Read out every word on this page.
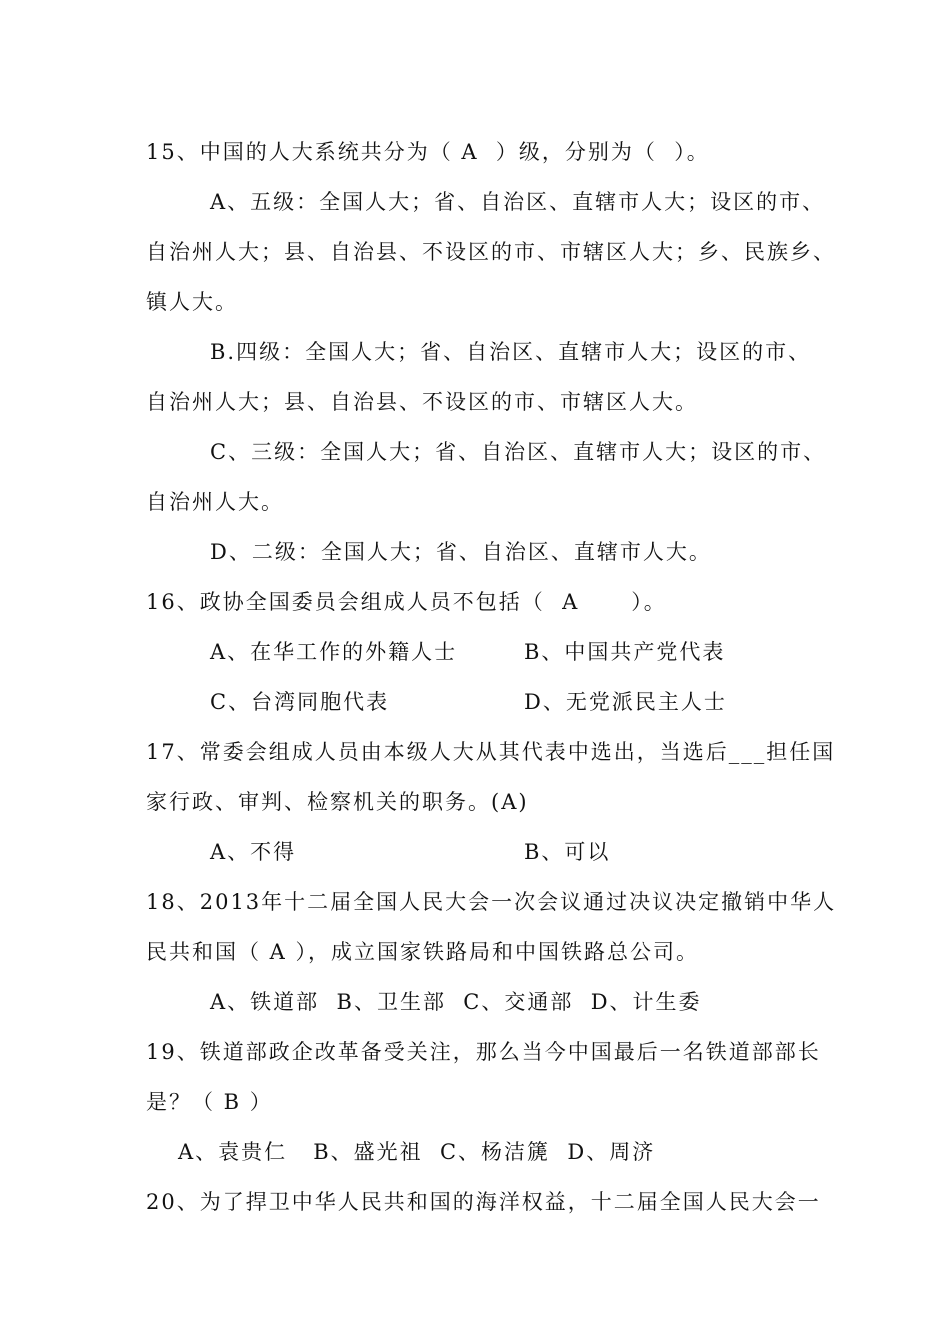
15、中国的人大系统共分为（ A  ）级，分别为（  ）。
A、五级：全国人大；省、自治区、直辖市人大；设区的市、
自治州人大；县、自治县、不设区的市、市辖区人大；乡、民族乡、
镇人大。
B.四级：全国人大；省、自治区、直辖市人大；设区的市、
自治州人大；县、自治县、不设区的市、市辖区人大。
C、三级：全国人大；省、自治区、直辖市人大；设区的市、
自治州人大。
D、二级：全国人大；省、自治区、直辖市人大。
16、政协全国委员会组成人员不包括（  A      ）。
A、在华工作的外籍人士	B、中国共产党代表
C、台湾同胞代表	D、无党派民主人士
17、常委会组成人员由本级人大从其代表中选出，当选后___担任国
家行政、审判、检察机关的职务。(A)
A、不得	B、可以
18、2013年十二届全国人民大会一次会议通过决议决定撤销中华人
民共和国（ A ），成立国家铁路局和中国铁路总公司。
A、铁道部  B、卫生部  C、交通部  D、计生委
19、铁道部政企改革备受关注，那么当今中国最后一名铁道部部长
是？（ B ）
A、袁贵仁   B、盛光祖  C、杨洁篪  D、周济
20、为了捍卫中华人民共和国的海洋权益，十二届全国人民大会一
